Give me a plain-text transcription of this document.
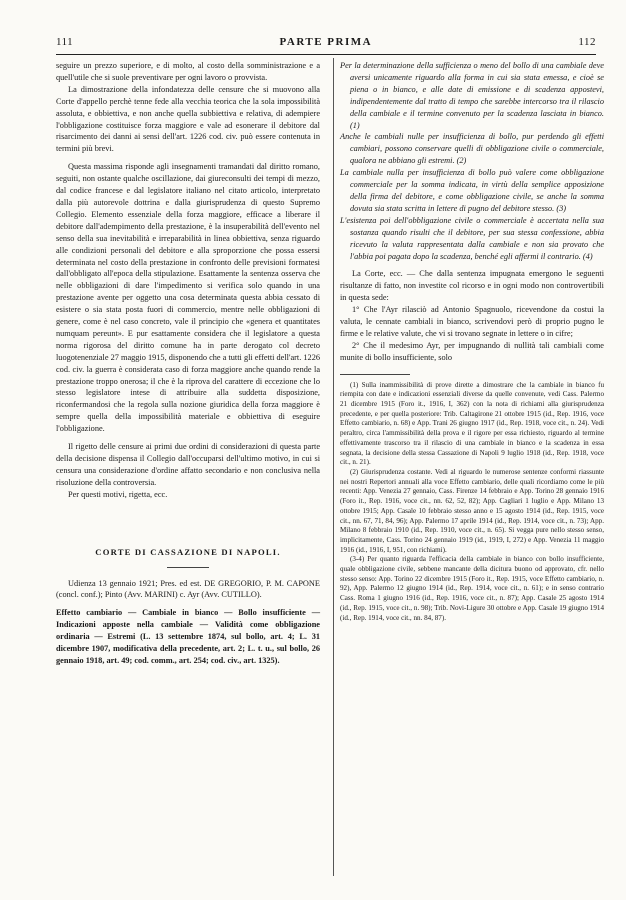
111	PARTE PRIMA	112

seguire un prezzo superiore, e di molto, al costo della somministrazione e a quell'utile che si suole preventivare per ogni lavoro o provvista.

La dimostrazione della infondatezza delle censure che si muovono alla Corte d'appello perchè tenne fede alla vecchia teorica che la sola impossibilità assoluta, e obbiettiva, e non anche quella subbiettiva e relativa, di adempiere l'obbligazione costituisce forza maggiore e vale ad esonerare il debitore dal risarcimento dei danni ai sensi dell'art. 1226 cod. civ. può essere contenuta in termini più brevi.

Questa massima risponde agli insegnamenti tramandati dal diritto romano, seguiti, non ostante qualche oscillazione, dai giureconsulti dei tempi di mezzo, dal codice francese e dal legislatore italiano nel citato articolo, interpretato dalla più autorevole dottrina e dalla giurisprudenza di questo Supremo Collegio. Elemento essenziale della forza maggiore, efficace a liberare il debitore dall'adempimento della prestazione, è la insuperabilità dell'evento nel senso della sua inevitabilità e irreparabilità in linea obbiettiva, senza riguardo alle condizioni personali del debitore e alla sproporzione che possa essersi determinata nel costo della prestazione in confronto delle previsioni formatesi dall'obbligato all'epoca della stipulazione. Esattamente la sentenza osserva che nelle obbligazioni di dare l'impedimento si verifica solo quando in una prestazione avente per oggetto una cosa determinata questa abbia cessato di esistere o sia stata posta fuori di commercio, mentre nelle obbligazioni di genere, come è nel caso concreto, vale il principio che «genera et quantitates numquam pereunt». E pur esattamente considera che il legislatore a questa norma rigorosa del diritto comune ha in parte derogato col decreto luogotenenziale 27 maggio 1915, disponendo che a tutti gli effetti dell'art. 1226 cod. civ. la guerra è considerata caso di forza maggiore anche quando rende la prestazione troppo onerosa; il che è la riprova del carattere di eccezione che lo stesso legislatore intese di attribuire alla suddetta disposizione, riconfermandosi che la regola sulla nozione giuridica della forza maggiore è sempre quella della impossibilità materiale e obbiettiva di eseguire l'obbligazione.

Il rigetto delle censure ai primi due ordini di considerazioni di questa parte della decisione dispensa il Collegio dall'occuparsi dell'ultimo motivo, in cui si censura una considerazione d'ordine affatto secondario e non conclusiva nella risoluzione della controversia.

Per questi motivi, rigetta, ecc.

CORTE DI CASSAZIONE DI NAPOLI.

Udienza 13 gennaio 1921; Pres. ed est. DE GREGORIO, P. M. CAPONE (concl. conf.); Pinto (Avv. MARINI) c. Ayr (Avv. CUTILLO).

Effetto cambiario — Cambiale in bianco — Bollo insufficiente — Indicazioni apposte nella cambiale — Validità come obbligazione ordinaria — Estremi (L. 13 settembre 1874, sul bollo, art. 4; L. 31 dicembre 1907, modificativa della precedente, art. 2; L. t. u., sul bollo, 26 gennaio 1918, art. 49; cod. comm., art. 254; cod. civ., art. 1325).

Per la determinazione della sufficienza o meno del bollo di una cambiale deve aversi unicamente riguardo alla forma in cui sia stata emessa, e cioè se piena o in bianco, e alle date di emissione e di scadenza appostevi, indipendentemente dal tratto di tempo che sarebbe intercorso tra il rilascio della cambiale e il termine convenuto per la scadenza lasciata in bianco. (1)

Anche le cambiali nulle per insufficienza di bollo, pur perdendo gli effetti cambiari, possono conservare quelli di obbligazione civile o commerciale, qualora ne abbiano gli estremi. (2)

La cambiale nulla per insufficienza di bollo può valere come obbligazione commerciale per la somma indicata, in virtù della semplice apposizione della firma del debitore, e come obbligazione civile, se anche la somma dovuta sia stata scritta in lettere di pugno del debitore stesso. (3)

L'esistenza poi dell'obbligazione civile o commerciale è accertata nella sua sostanza quando risulti che il debitore, per sua stessa confessione, abbia ricevuto la valuta rappresentata dalla cambiale e non sia provato che l'abbia poi pagata dopo la scadenza, benché egli affermi il contrario. (4)

La Corte, ecc. — Che dalla sentenza impugnata emergono le seguenti risultanze di fatto, non investite col ricorso e in ogni modo non controvertibili in questa sede:

1° Che l'Ayr rilasciò ad Antonio Spagnuolo, ricevendone da costui la valuta, le cennate cambiali in bianco, scrivendovi però di proprio pugno le firme e le relative valute, che vi si trovano segnate in lettere o in cifre;

2° Che il medesimo Ayr, per impugnando di nullità tali cambiali come munite di bollo insufficiente, solo

(1) Sulla inammissibilità di prove dirette a dimostrare che la cambiale in bianco fu riempita con date e indicazioni essenziali diverse da quelle convenute, vedi Cass. Palermo 21 dicembre 1915 (Foro it., 1916, I, 362) con la nota di richiami alla giurisprudenza precedente, e per quella posteriore: Trib. Caltagirone 21 ottobre 1915 (id., Rep. 1916, voce Effetto cambiario, n. 68) e App. Trani 26 giugno 1917 (id., Rep. 1918, voce cit., n. 24). Vedi peraltro, circa l'ammissibilità della prova e il rigore per essa richiesto, riguardo al termine effettivamente trascorso tra il rilascio di una cambiale in bianco e la scadenza in essa segnata, la decisione della stessa Cassazione di Napoli 9 luglio 1918 (id., Rep. 1918, voce cit., n. 21).

(2) Giurisprudenza costante. Vedi al riguardo le numerose sentenze conformi riassunte nei nostri Repertori annuali alla voce Effetto cambiario, delle quali ricordiamo come le più recenti: App. Venezia 27 gennaio, Cass. Firenze 14 febbraio e App. Torino 28 gennaio 1916 (Foro it., Rep. 1916, voce cit., nn. 62, 52, 82); App. Cagliari 1 luglio e App. Milano 13 ottobre 1915; App. Casale 10 febbraio stesso anno e 15 agosto 1914 (id., Rep. 1915, voce cit., nn. 67, 71, 84, 96); App. Palermo 17 aprile 1914 (id., Rep. 1914, voce cit., n. 73); App. Milano 8 febbraio 1910 (id., Rep. 1910, voce cit., n. 65). Si vegga pure nello stesso senso, implicitamente, Cass. Torino 24 gennaio 1919 (id., 1919, I, 272) e App. Venezia 11 maggio 1916 (id., 1916, I, 951, con richiami).

(3-4) Per quanto riguarda l'efficacia della cambiale in bianco con bollo insufficiente, quale obbligazione civile, sebbene mancante della dicitura buono od approvato, cfr. nello stesso senso: App. Torino 22 dicembre 1915 (Foro it., Rep. 1915, voce Effetto cambiario, n. 92), App. Palermo 12 giugno 1914 (id., Rep. 1914, voce cit., n. 61); e in senso contrario Cass. Roma 1 giugno 1916 (id., Rep. 1916, voce cit., n. 87); App. Casale 25 agosto 1914 (id., Rep. 1915, voce cit., n. 98); Trib. Novi-Ligure 30 ottobre e App. Casale 19 giugno 1914 (id., Rep. 1914, voce cit., nn. 84, 87).
